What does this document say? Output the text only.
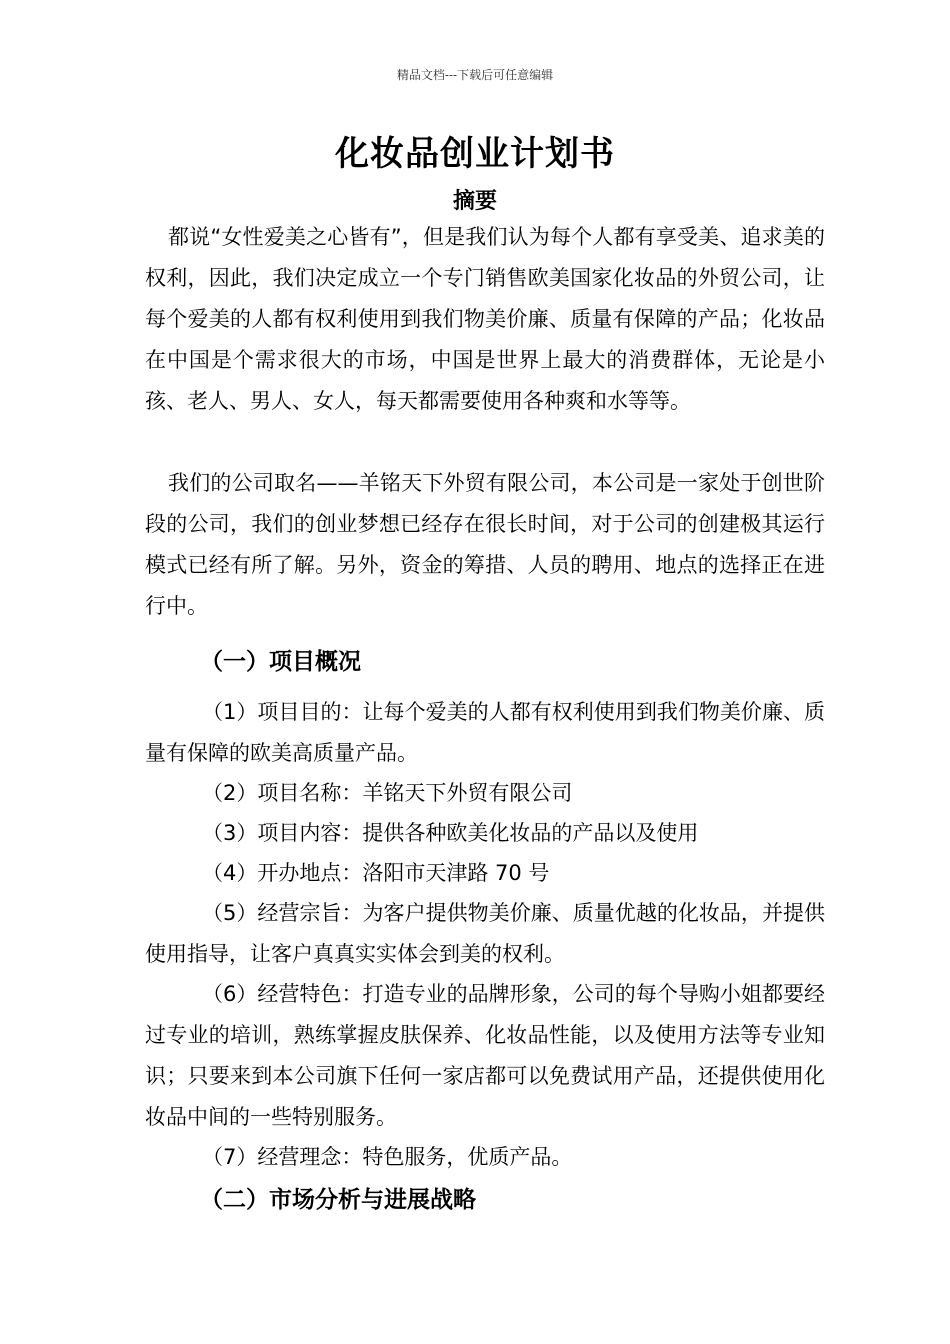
精品文档---下载后可任意编辑
化妆品创业计划书
摘要

都说“女性爱美之心皆有”，但是我们认为每个人都有享受美、追求美的权利，因此，我们决定成立一个专门销售欧美国家化妆品的外贸公司，让每个爱美的人都有权利使用到我们物美价廉、质量有保障的产品；化妆品在中国是个需求很大的市场，中国是世界上最大的消费群体，无论是小孩、老人、男人、女人，每天都需要使用各种爽和水等等。

我们的公司取名——羊铭天下外贸有限公司，本公司是一家处于创世阶段的公司，我们的创业梦想已经存在很长时间，对于公司的创建极其运行模式已经有所了解。另外，资金的筹措、人员的聘用、地点的选择正在进行中。

（一）项目概况

（1）项目目的：让每个爱美的人都有权利使用到我们物美价廉、质量有保障的欧美高质量产品。

（2）项目名称：羊铭天下外贸有限公司

（3）项目内容：提供各种欧美化妆品的产品以及使用

（4）开办地点：洛阳市天津路 70 号

（5）经营宗旨：为客户提供物美价廉、质量优越的化妆品，并提供使用指导，让客户真真实实体会到美的权利。

（6）经营特色：打造专业的品牌形象，公司的每个导购小姐都要经过专业的培训，熟练掌握皮肤保养、化妆品性能，以及使用方法等专业知识；只要来到本公司旗下任何一家店都可以免费试用产品，还提供使用化妆品中间的一些特别服务。

（7）经营理念：特色服务，优质产品。

（二）市场分析与进展战略
